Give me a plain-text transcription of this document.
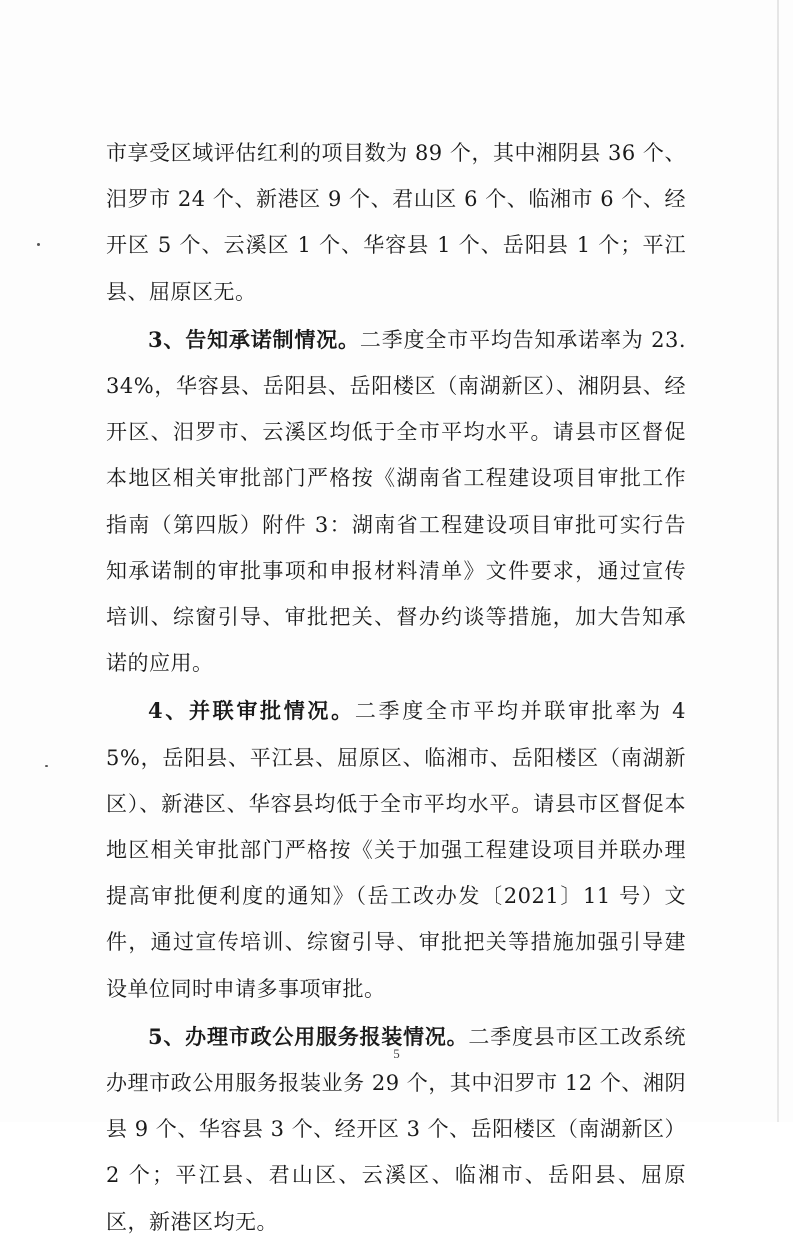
市享受区域评估红利的项目数为 89 个，其中湘阴县 36 个、汨罗市 24 个、新港区 9 个、君山区 6 个、临湘市 6 个、经开区 5 个、云溪区 1 个、华容县 1 个、岳阳县 1 个；平江县、屈原区无。

3、告知承诺制情况。二季度全市平均告知承诺率为 23.34%，华容县、岳阳县、岳阳楼区（南湖新区）、湘阴县、经开区、汨罗市、云溪区均低于全市平均水平。请县市区督促本地区相关审批部门严格按《湖南省工程建设项目审批工作指南（第四版）附件 3：湖南省工程建设项目审批可实行告知承诺制的审批事项和申报材料清单》文件要求，通过宣传培训、综窗引导、审批把关、督办约谈等措施，加大告知承诺的应用。

4、并联审批情况。二季度全市平均并联审批率为 45%，岳阳县、平江县、屈原区、临湘市、岳阳楼区（南湖新区）、新港区、华容县均低于全市平均水平。请县市区督促本地区相关审批部门严格按《关于加强工程建设项目并联办理提高审批便利度的通知》（岳工改办发〔2021〕11 号）文件，通过宣传培训、综窗引导、审批把关等措施加强引导建设单位同时申请多事项审批。

5、办理市政公用服务报装情况。二季度县市区工改系统办理市政公用服务报装业务 29 个，其中汨罗市 12 个、湘阴县 9 个、华容县 3 个、经开区 3 个、岳阳楼区（南湖新区）2 个；平江县、君山区、云溪区、临湘市、岳阳县、屈原区，新港区均无。

5
